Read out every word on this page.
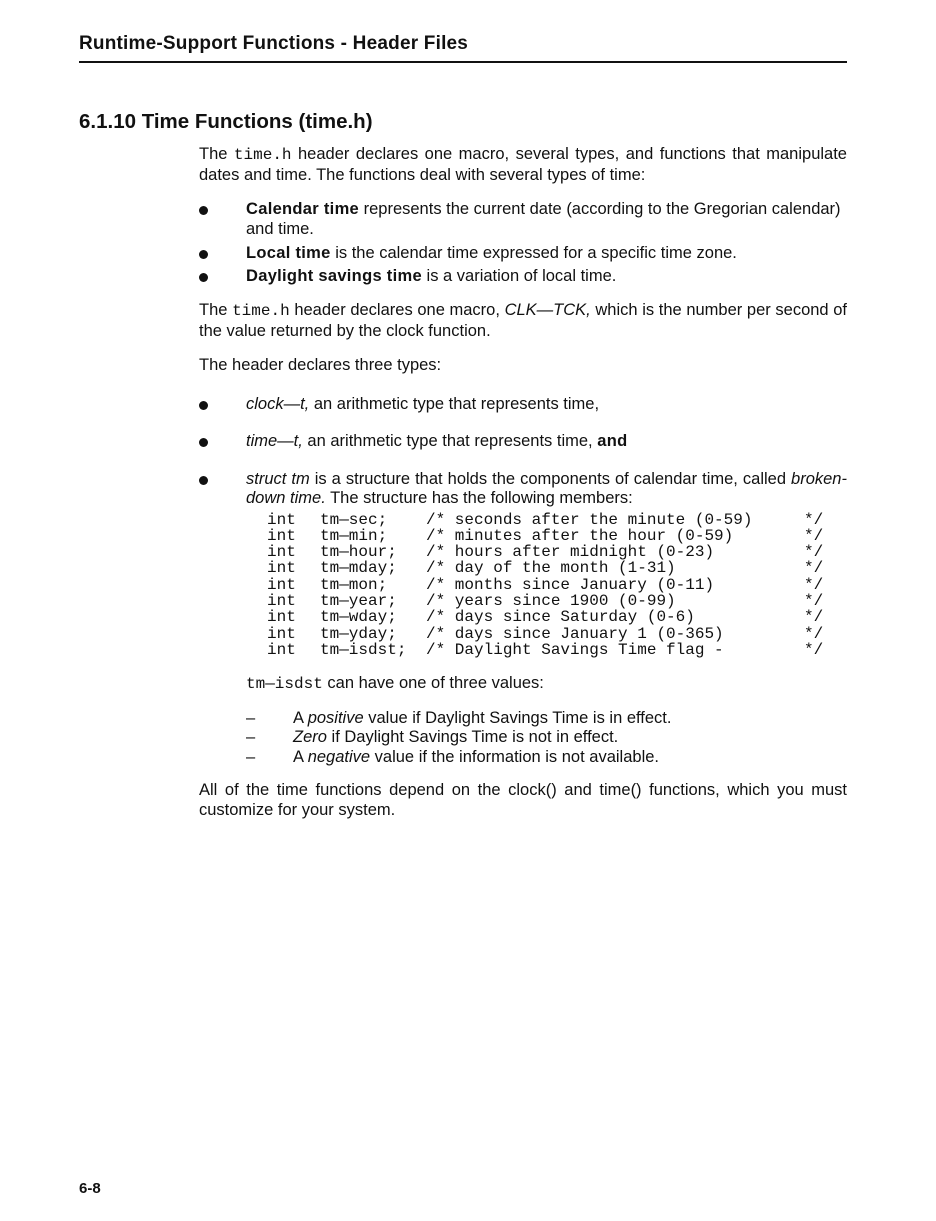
Runtime-Support Functions - Header Files
6.1.10 Time Functions (time.h)

The time.h header declares one macro, several types, and functions that manipulate dates and time. The functions deal with several types of time:

Calendar time represents the current date (according to the Gregorian calendar) and time.
Local time is the calendar time expressed for a specific time zone.
Daylight savings time is a variation of local time.

The time.h header declares one macro, CLK—TCK, which is the number per second of the value returned by the clock function.

The header declares three types:

clock—t, an arithmetic type that represents time,
time—t, an arithmetic type that represents time, and
struct tm is a structure that holds the components of calendar time, called broken-down time. The structure has the following members:
int	tm—sec;	/* seconds after the minute (0-59)	*/
int	tm—min;	/* minutes after the hour (0-59)	*/
int	tm—hour;	/* hours after midnight (0-23)	*/
int	tm—mday;	/* day of the month (1-31)	*/
int	tm—mon;	/* months since January (0-11)	*/
int	tm—year;	/* years since 1900 (0-99)	*/
int	tm—wday;	/* days since Saturday (0-6)	*/
int	tm—yday;	/* days since January 1 (0-365)	*/
int	tm—isdst;	/* Daylight Savings Time flag -	*/

tm—isdst can have one of three values:

– A positive value if Daylight Savings Time is in effect.
– Zero if Daylight Savings Time is not in effect.
– A negative value if the information is not available.

All of the time functions depend on the clock() and time() functions, which you must customize for your system.

6-8
